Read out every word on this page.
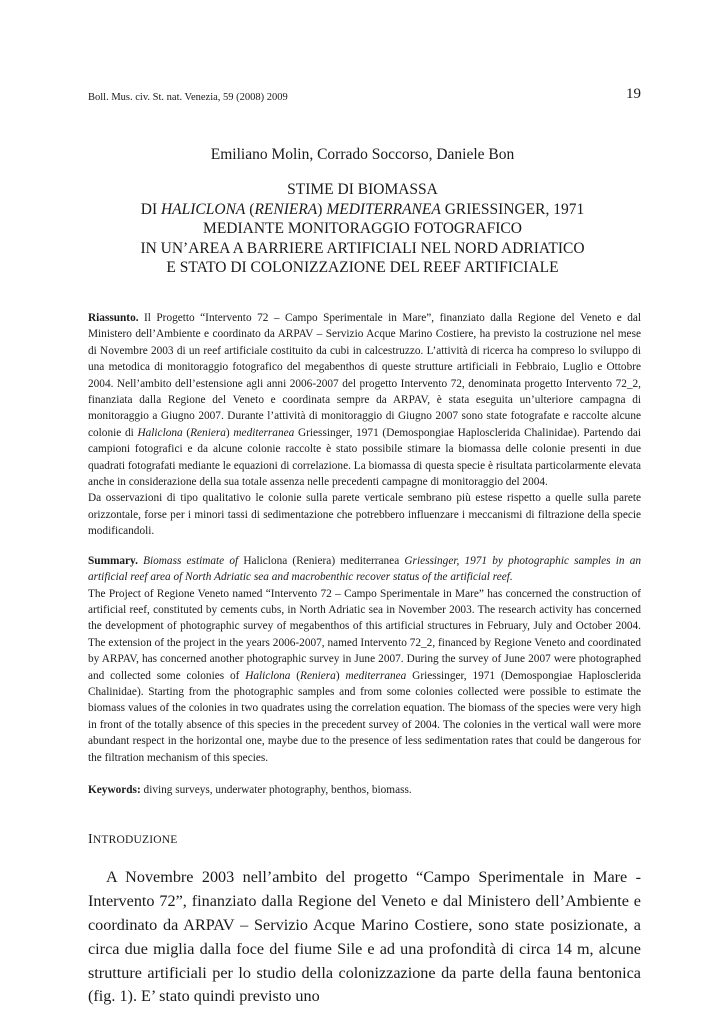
Boll. Mus. civ. St. nat. Venezia, 59 (2008) 2009	19
Emiliano Molin, Corrado Soccorso, Daniele Bon
STIME DI BIOMASSA
DI HALICLONA (RENIERA) MEDITERRANEA GRIESSINGER, 1971
MEDIANTE MONITORAGGIO FOTOGRAFICO
IN UN’AREA A BARRIERE ARTIFICIALI NEL NORD ADRIATICO
E STATO DI COLONIZZAZIONE DEL REEF ARTIFICIALE

Riassunto. Il Progetto “Intervento 72 – Campo Sperimentale in Mare”, finanziato dalla Regione del Veneto e dal Ministero dell’Ambiente e coordinato da ARPAV – Servizio Acque Marino Costiere, ha previsto la costruzione nel mese di Novembre 2003 di un reef artificiale costituito da cubi in calcestruzzo. L’attività di ricerca ha compreso lo sviluppo di una metodica di monitoraggio fotografico del megabenthos di queste strutture artificiali in Febbraio, Luglio e Ottobre 2004. Nell’ambito dell’estensione agli anni 2006-2007 del progetto Intervento 72, denominata progetto Intervento 72_2, finanziata dalla Regione del Veneto e coordinata sempre da ARPAV, è stata eseguita un’ulteriore campagna di monitoraggio a Giugno 2007. Durante l’attività di monitoraggio di Giugno 2007 sono state fotografate e raccolte alcune colonie di Haliclona (Reniera) mediterranea Griessinger, 1971 (Demospongiae Haplosclerida Chalinidae). Partendo dai campioni fotografici e da alcune colonie raccolte è stato possibile stimare la biomassa delle colonie presenti in due quadrati fotografati mediante le equazioni di correlazione. La biomassa di questa specie è risultata particolarmente elevata anche in considerazione della sua totale assenza nelle precedenti campagne di monitoraggio del 2004.

Da osservazioni di tipo qualitativo le colonie sulla parete verticale sembrano più estese rispetto a quelle sulla parete orizzontale, forse per i minori tassi di sedimentazione che potrebbero influenzare i meccanismi di filtrazione della specie modificandoli.

Summary. Biomass estimate of Haliclona (Reniera) mediterranea Griessinger, 1971 by photographic samples in an artificial reef area of North Adriatic sea and macrobenthic recover status of the artificial reef.

The Project of Regione Veneto named “Intervento 72 – Campo Sperimentale in Mare” has concerned the construction of artificial reef, constituted by cements cubs, in North Adriatic sea in November 2003. The research activity has concerned the development of photographic survey of megabenthos of this artificial structures in February, July and October 2004. The extension of the project in the years 2006-2007, named Intervento 72_2, financed by Regione Veneto and coordinated by ARPAV, has concerned another photographic survey in June 2007. During the survey of June 2007 were photographed and collected some colonies of Haliclona (Reniera) mediterranea Griessinger, 1971 (Demospongiae Haplosclerida Chalinidae). Starting from the photographic samples and from some colonies collected were possible to estimate the biomass values of the colonies in two quadrates using the correlation equation. The biomass of the species were very high in front of the totally absence of this species in the precedent survey of 2004. The colonies in the vertical wall were more abundant respect in the horizontal one, maybe due to the presence of less sedimentation rates that could be dangerous for the filtration mechanism of this species.

Keywords: diving surveys, underwater photography, benthos, biomass.
INTRODUZIONE
A Novembre 2003 nell’ambito del progetto “Campo Sperimentale in Mare - Intervento 72”, finanziato dalla Regione del Veneto e dal Ministero dell’Ambiente e coordinato da ARPAV – Servizio Acque Marino Costiere, sono state posizionate, a circa due miglia dalla foce del fiume Sile e ad una profondità di circa 14 m, alcune strutture artificiali per lo studio della colonizzazione da parte della fauna bentonica (fig. 1). E’ stato quindi previsto uno
